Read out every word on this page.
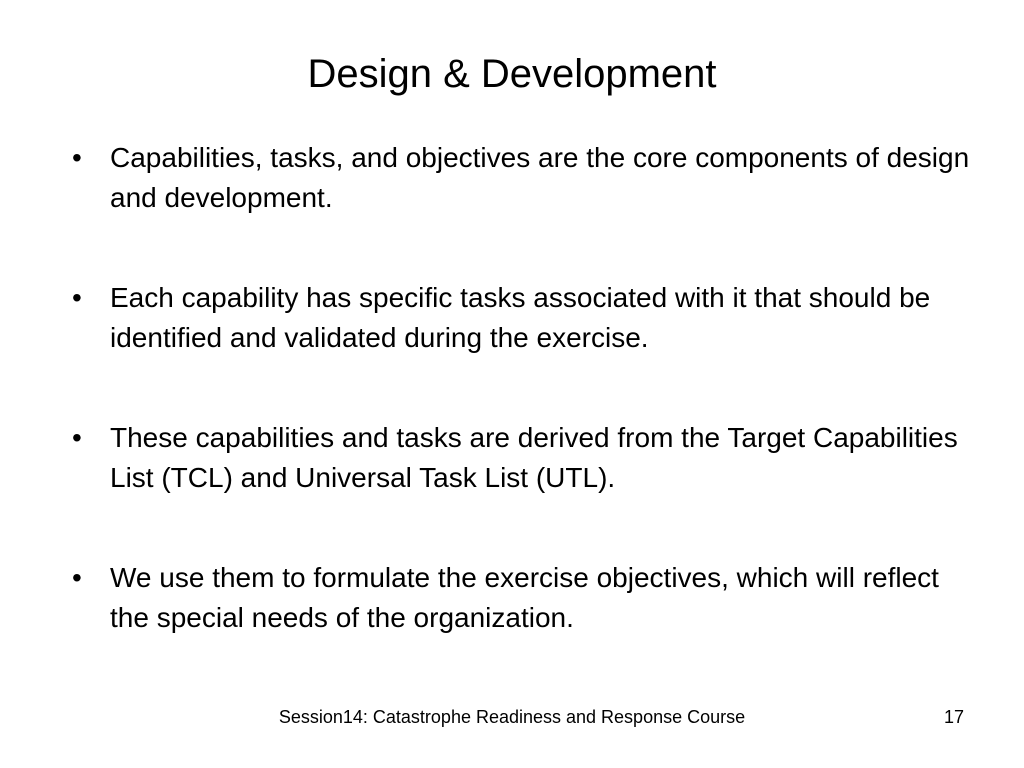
Design & Development
•	Capabilities, tasks, and objectives are the core components of design and development.
•	Each capability has specific tasks associated with it that should be identified and validated during the exercise.
•	These capabilities and tasks are derived from the Target Capabilities List (TCL) and Universal Task List (UTL).
•	We use them to formulate the exercise objectives, which will reflect the special needs of the organization.
Session14: Catastrophe Readiness and Response Course	17
